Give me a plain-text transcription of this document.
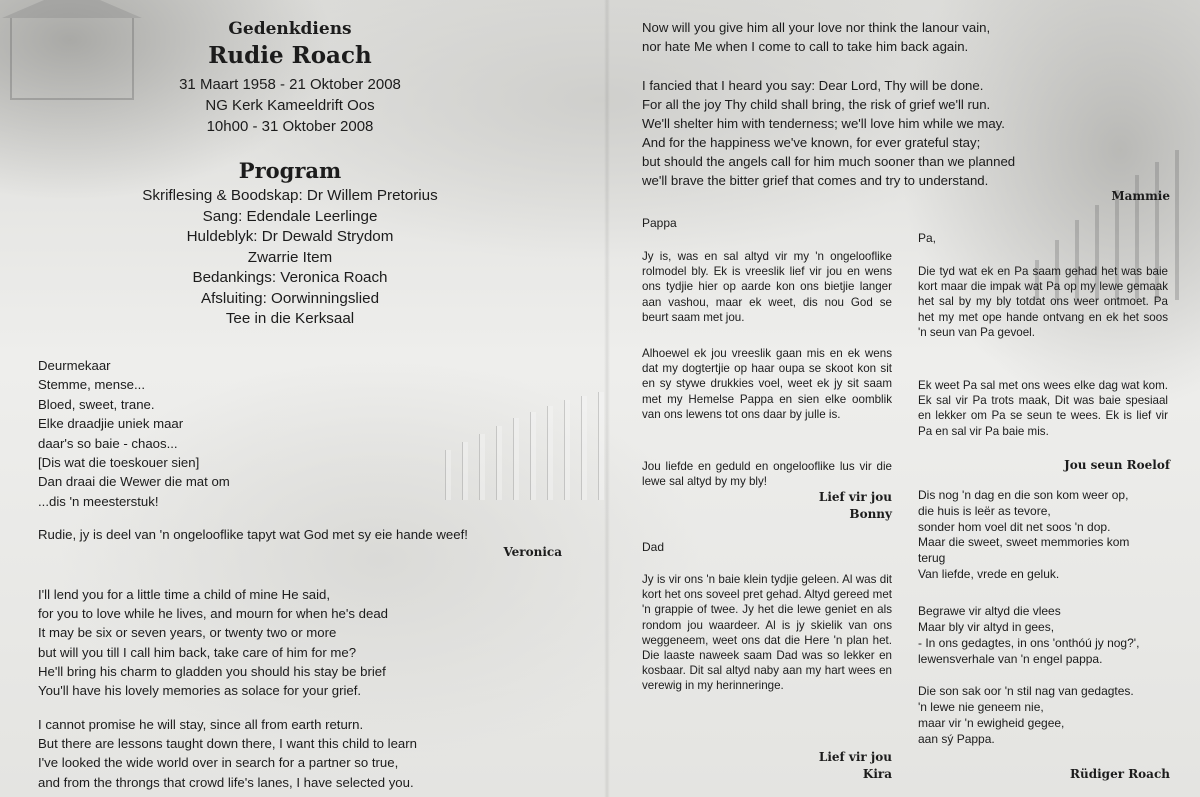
Gedenkdiens
Rudie Roach
31 Maart 1958 - 21 Oktober 2008
NG Kerk Kameeldrift Oos
10h00 - 31 Oktober 2008
Program
Skriflesing & Boodskap: Dr Willem Pretorius
Sang: Edendale Leerlinge
Huldeblyk: Dr Dewald Strydom
Zwarrie Item
Bedankings: Veronica Roach
Afsluiting: Oorwinningslied
Tee in die Kerksaal
Deurmekaar
Stemme, mense...
Bloed, sweet, trane.
Elke draadjie uniek maar
daar's so baie - chaos...
[Dis wat die toeskouer sien]
Dan draai die Wewer die mat om
...dis 'n meesterstuk!
Rudie, jy is deel van 'n ongelooflike tapyt wat God met sy eie hande weef!
Veronica
I'll lend you for a little time a child of mine He said,
for you to love while he lives, and mourn for when he's dead
It may be six or seven years, or twenty two or more
but will you till I call him back, take care of him for me?
He'll bring his charm to gladden you should his stay be brief
You'll have his lovely memories as solace for your grief.
I cannot promise he will stay, since all from earth return.
But there are lessons taught down there, I want this child to learn
I've looked the wide world over in search for a partner so true,
and from the throngs that crowd life's lanes, I have selected you.
Now will you give him all your love nor think the lanour vain,
nor hate Me when I come to call to take him back again.
I fancied that I heard you say: Dear Lord, Thy will be done.
For all the joy Thy child shall bring, the risk of grief we'll run.
We'll shelter him with tenderness; we'll love him while we may.
And for the happiness we've known, for ever grateful stay;
but should the angels call for him much sooner than we planned
we'll brave the bitter grief that comes and try to understand.
Mammie
Pappa
Jy is, was en sal altyd vir my 'n ongelooflike rolmodel bly. Ek is vreeslik lief vir jou en wens ons tydjie hier op aarde kon ons bietjie langer aan vashou, maar ek weet, dis nou God se beurt saam met jou.
Alhoewel ek jou vreeslik gaan mis en ek wens dat my dogtertjie op haar oupa se skoot kon sit en sy stywe drukkies voel, weet ek jy sit saam met my Hemelse Pappa en sien elke oomblik van ons lewens tot ons daar by julle is.
Jou liefde en geduld en ongelooflike lus vir die lewe sal altyd by my bly!
Lief vir jou
Bonny
Dad
Jy is vir ons 'n baie klein tydjie geleen. Al was dit kort het ons soveel pret gehad. Altyd gereed met 'n grappie of twee. Jy het die lewe geniet en als rondom jou waardeer. Al is jy skielik van ons weggeneem, weet ons dat die Here 'n plan het. Die laaste naweek saam Dad was so lekker en kosbaar. Dit sal altyd naby aan my hart wees en verewig in my herinneringe.
Lief vir jou
Kira
Pa,
Die tyd wat ek en Pa saam gehad het was baie kort maar die impak wat Pa op my lewe gemaak het sal by my bly totdat ons weer ontmoet. Pa het my met ope hande ontvang en ek het soos 'n seun van Pa gevoel.
Ek weet Pa sal met ons wees elke dag wat kom. Ek sal vir Pa trots maak, Dit was baie spesiaal en lekker om Pa se seun te wees. Ek is lief vir Pa en sal vir Pa baie mis.
Jou seun Roelof
Dis nog 'n dag en die son kom weer op,
die huis is leër as tevore,
sonder hom voel dit net soos 'n dop.
Maar die sweet, sweet memmories kom
terug
Van liefde, vrede en geluk.
Begrawe vir altyd die vlees
Maar bly vir altyd in gees,
- In ons gedagtes, in ons 'onthóú jy nog?',
lewensverhale van 'n engel pappa.
Die son sak oor 'n stil nag van gedagtes.
'n lewe nie geneem nie,
maar vir 'n ewigheid gegee,
aan sý Pappa.
Rüdiger Roach
